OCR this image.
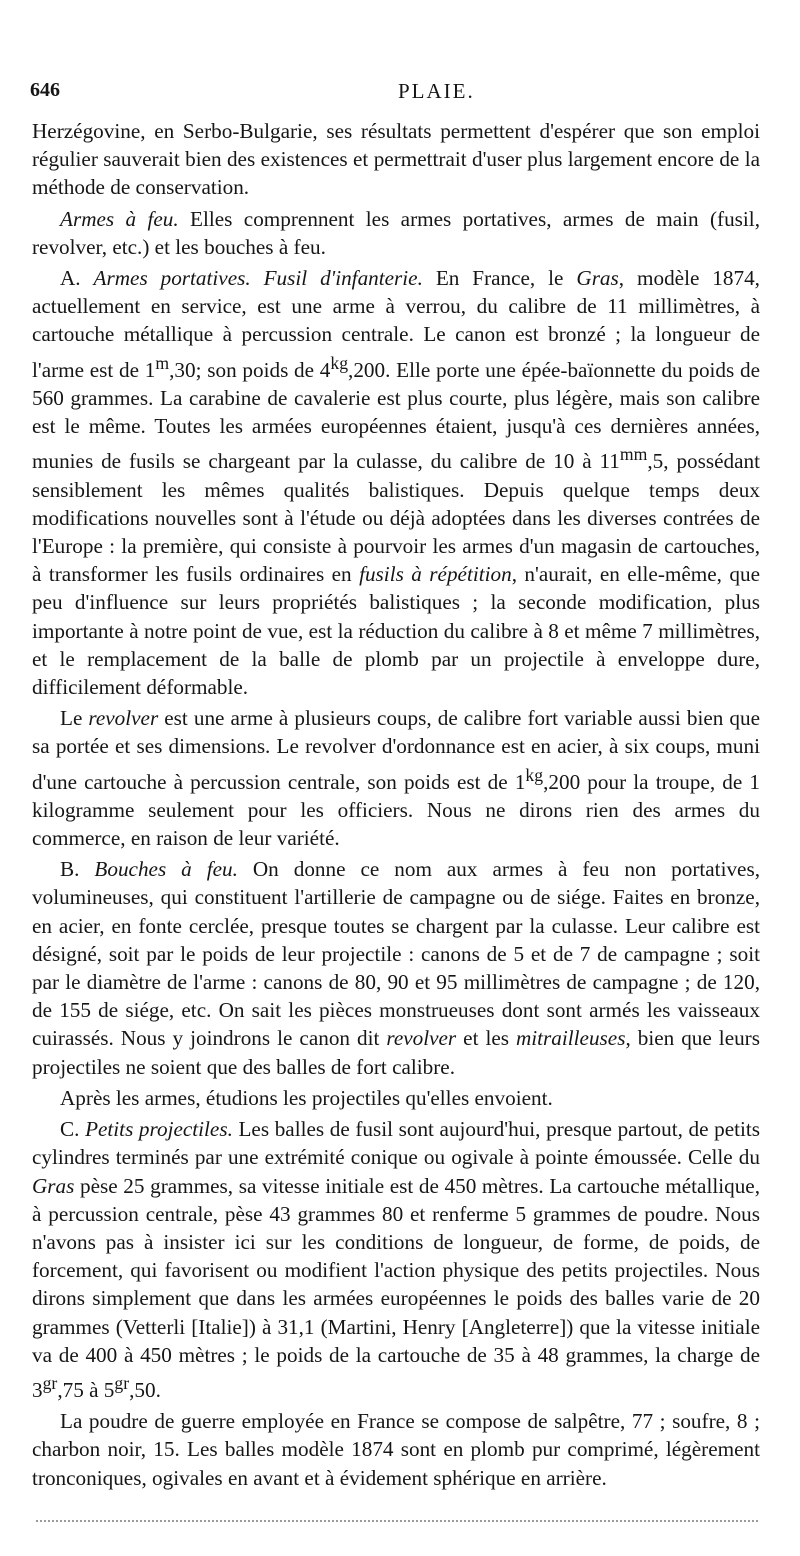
646	PLAIE.

Herzégovine, en Serbo-Bulgarie, ses résultats permettent d'espérer que son emploi régulier sauverait bien des existences et permettrait d'user plus largement encore de la méthode de conservation.

Armes à feu. Elles comprennent les armes portatives, armes de main (fusil, revolver, etc.) et les bouches à feu.

A. Armes portatives. Fusil d'infanterie. En France, le Gras, modèle 1874, actuellement en service, est une arme à verrou, du calibre de 11 millimètres, à cartouche métallique à percussion centrale. Le canon est bronzé ; la longueur de l'arme est de 1$^m$,30; son poids de $4^{kg},200$. Elle porte une épée-baïonnette du poids de 560 grammes. La carabine de cavalerie est plus courte, plus légère, mais son calibre est le même. Toutes les armées européennes étaient, jusqu'à ces dernières années, munies de fusils se chargeant par la culasse, du calibre de 10 à $11^{mm},5$, possédant sensiblement les mêmes qualités balistiques. Depuis quelque temps deux modifications nouvelles sont à l'étude ou déjà adoptées dans les diverses contrées de l'Europe : la première, qui consiste à pourvoir les armes d'un magasin de cartouches, à transformer les fusils ordinaires en fusils à répétition, n'aurait, en elle-même, que peu d'influence sur leurs propriétés balistiques ; la seconde modification, plus importante à notre point de vue, est la réduction du calibre à 8 et même 7 millimètres, et le remplacement de la balle de plomb par un projectile à enveloppe dure, difficilement déformable.

Le revolver est une arme à plusieurs coups, de calibre fort variable aussi bien que sa portée et ses dimensions. Le revolver d'ordonnance est en acier, à six coups, muni d'une cartouche à percussion centrale, son poids est de $1^{kg},200$ pour la troupe, de 1 kilogramme seulement pour les officiers. Nous ne dirons rien des armes du commerce, en raison de leur variété.

B. Bouches à feu. On donne ce nom aux armes à feu non portatives, volumineuses, qui constituent l'artillerie de campagne ou de siége. Faites en bronze, en acier, en fonte cerclée, presque toutes se chargent par la culasse. Leur calibre est désigné, soit par le poids de leur projectile : canons de 5 et de 7 de campagne ; soit par le diamètre de l'arme : canons de 80, 90 et 95 millimètres de campagne ; de 120, de 155 de siége, etc. On sait les pièces monstrueuses dont sont armés les vaisseaux cuirassés. Nous y joindrons le canon dit revolver et les mitrailleuses, bien que leurs projectiles ne soient que des balles de fort calibre.

Après les armes, étudions les projectiles qu'elles envoient.

C. Petits projectiles. Les balles de fusil sont aujourd'hui, presque partout, de petits cylindres terminés par une extrémité conique ou ogivale à pointe émoussée. Celle du Gras pèse 25 grammes, sa vitesse initiale est de 450 mètres. La cartouche métallique, à percussion centrale, pèse 43 grammes 80 et renferme 5 grammes de poudre. Nous n'avons pas à insister ici sur les conditions de longueur, de forme, de poids, de forcement, qui favorisent ou modifient l'action physique des petits projectiles. Nous dirons simplement que dans les armées européennes le poids des balles varie de 20 grammes (Vetterli [Italie]) à 31,1 (Martini, Henry [Angleterre]) que la vitesse initiale va de 400 à 450 mètres ; le poids de la cartouche de 35 à 48 grammes, la charge de $3^{gr},75$ à $5^{gr},50$.

La poudre de guerre employée en France se compose de salpêtre, 77 ; soufre, 8 ; charbon noir, 15. Les balles modèle 1874 sont en plomb pur comprimé, légèrement tronconiques, ogivales en avant et à évidement sphérique en arrière.
